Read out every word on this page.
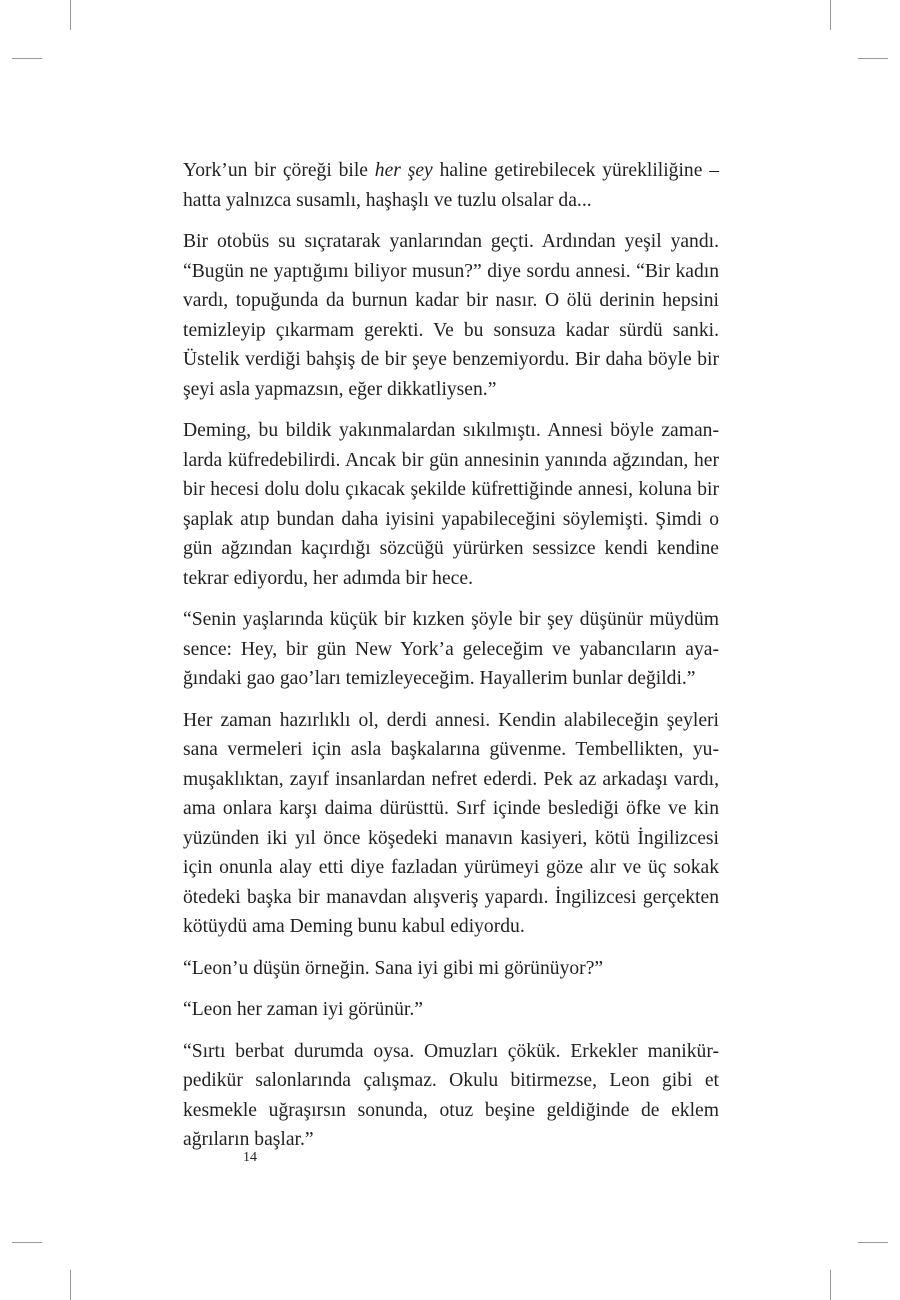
York’un bir çöreği bile her şey haline getirebilecek yürekliliğine –hatta yalnızca susamlı, haşhaşlı ve tuzlu olsalar da...

Bir otobüs su sıçratarak yanlarından geçti. Ardından yeşil yandı. “Bugün ne yaptığımı biliyor musun?” diye sordu annesi. “Bir kadın vardı, topuğunda da burnun kadar bir nasır. O ölü derinin hepsini temizleyip çıkarmam gerekti. Ve bu sonsuza kadar sürdü sanki. Üstelik verdiği bahşiş de bir şeye benzemiyordu. Bir daha böyle bir şeyi asla yapmazsın, eğer dikkatliysen.”

Deming, bu bildik yakınmalardan sıkılmıştı. Annesi böyle zamanlarda küfredebilirdi. Ancak bir gün annesinin yanında ağzından, her bir hecesi dolu dolu çıkacak şekilde küfrettiğinde annesi, koluna bir şaplak atıp bundan daha iyisini yapabileceğini söylemişti. Şimdi o gün ağzından kaçırdığı sözcüğü yürürken sessizce kendi kendine tekrar ediyordu, her adımda bir hece.

“Senin yaşlarında küçük bir kızken şöyle bir şey düşünür müydüm sence: Hey, bir gün New York’a geleceğim ve yabancıların ayağındaki gao gao’ları temizleyeceğim. Hayallerim bunlar değildi.”

Her zaman hazırlıklı ol, derdi annesi. Kendin alabileceğin şeyleri sana vermeleri için asla başkalarına güvenme. Tembellikten, yumuşaklıktan, zayıf insanlardan nefret ederdi. Pek az arkadaşı vardı, ama onlara karşı daima dürüsttü. Sırf içinde beslediği öfke ve kin yüzünden iki yıl önce köşedeki manavın kasiyeri, kötü İngilizcesi için onunla alay etti diye fazladan yürümeyi göze alır ve üç sokak ötedeki başka bir manavdan alışveriş yapardı. İngilizcesi gerçekten kötüydü ama Deming bunu kabul ediyordu.

“Leon’u düşün örneğin. Sana iyi gibi mi görünüyor?”

“Leon her zaman iyi görünür.”

“Sırtı berbat durumda oysa. Omuzları çökük. Erkekler manikür-pedikür salonlarında çalışmaz. Okulu bitirmezse, Leon gibi et kesmekle uğraşırsın sonunda, otuz beşine geldiğinde de eklem ağrıların başlar.”

14
